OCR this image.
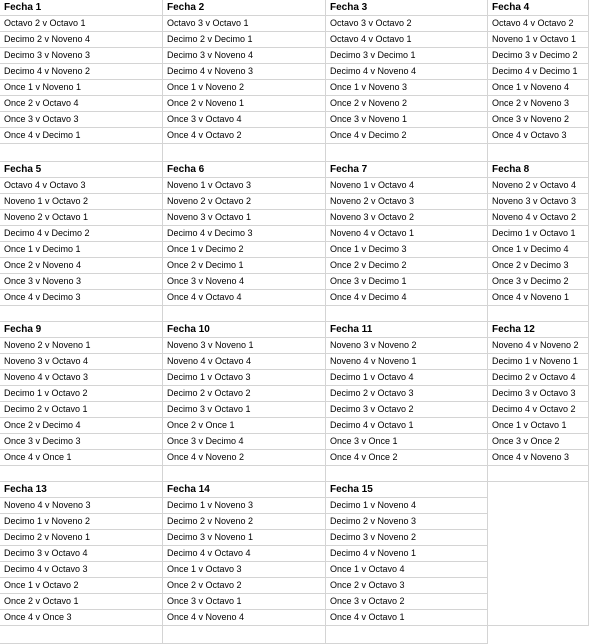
Fecha 1
Octavo 2 v Octavo 1
Decimo 2 v Noveno 4
Decimo 3 v Noveno 3
Decimo 4 v Noveno 2
Once 1 v Noveno 1
Once 2 v Octavo 4
Once 3 v Octavo 3
Once 4 v Decimo 1
Fecha 2
Octavo 3 v Octavo 1
Decimo 2 v Decimo 1
Decimo 3 v Noveno 4
Decimo 4 v Noveno 3
Once 1 v Noveno 2
Once 2 v Noveno 1
Once 3 v Octavo 4
Once 4 v Octavo 2
Fecha 3
Octavo 3 v Octavo 2
Octavo 4 v Octavo 1
Decimo 3 v Decimo 1
Decimo 4 v Noveno 4
Once 1 v Noveno 3
Once 2 v Noveno 2
Once 3 v Noveno 1
Once 4 v Decimo 2
Fecha 4
Octavo 4 v Octavo 2
Noveno 1 v Octavo 1
Decimo 3 v Decimo 2
Decimo 4 v Decimo 1
Once 1 v Noveno 4
Once 2 v Noveno 3
Once 3 v Noveno 2
Once 4 v Octavo 3
Fecha 5
Octavo 4 v Octavo 3
Noveno 1 v Octavo 2
Noveno 2 v Octavo 1
Decimo 4 v Decimo 2
Once 1 v Decimo 1
Once 2 v Noveno 4
Once 3 v Noveno 3
Once 4 v Decimo 3
Fecha 6
Noveno 1 v Octavo 3
Noveno 2 v Octavo 2
Noveno 3 v Octavo 1
Decimo 4 v Decimo 3
Once 1 v Decimo 2
Once 2 v Decimo 1
Once 3 v Noveno 4
Once 4 v Octavo 4
Fecha 7
Noveno 1 v Octavo 4
Noveno 2 v Octavo 3
Noveno 3 v Octavo 2
Noveno 4 v Octavo 1
Once 1 v Decimo 3
Once 2 v Decimo 2
Once 3 v Decimo 1
Once 4 v Decimo 4
Fecha 8
Noveno 2 v Octavo 4
Noveno 3 v Octavo 3
Noveno 4 v Octavo 2
Decimo 1 v Octavo 1
Once 1 v Decimo 4
Once 2 v Decimo 3
Once 3 v Decimo 2
Once 4 v Noveno 1
Fecha 9
Noveno 2 v Noveno 1
Noveno 3 v Octavo 4
Noveno 4 v Octavo 3
Decimo 1 v Octavo 2
Decimo 2 v Octavo 1
Once 2 v Decimo 4
Once 3 v Decimo 3
Once 4 v Once 1
Fecha 10
Noveno 3 v Noveno 1
Noveno 4 v Octavo 4
Decimo 1 v Octavo 3
Decimo 2 v Octavo 2
Decimo 3 v Octavo 1
Once 2 v Once 1
Once 3 v Decimo 4
Once 4 v Noveno 2
Fecha 11
Noveno 3 v Noveno 2
Noveno 4 v Noveno 1
Decimo 1 v Octavo 4
Decimo 2 v Octavo 3
Decimo 3 v Octavo 2
Decimo 4 v Octavo 1
Once 3 v Once 1
Once 4 v Once 2
Fecha 12
Noveno 4 v Noveno 2
Decimo 1 v Noveno 1
Decimo 2 v Octavo 4
Decimo 3 v Octavo 3
Decimo 4 v Octavo 2
Once 1 v Octavo 1
Once 3 v Once 2
Once 4 v Noveno 3
Fecha 13
Noveno 4 v Noveno 3
Decimo 1 v Noveno 2
Decimo 2 v Noveno 1
Decimo 3 v Octavo 4
Decimo 4 v Octavo 3
Once 1 v Octavo 2
Once 2 v Octavo 1
Once 4 v Once 3
Fecha 14
Decimo 1 v Noveno 3
Decimo 2 v Noveno 2
Decimo 3 v Noveno 1
Decimo 4 v Octavo 4
Once 1 v Octavo 3
Once 2 v Octavo 2
Once 3 v Octavo 1
Once 4 v Noveno 4
Fecha 15
Decimo 1 v Noveno 4
Decimo 2 v Noveno 3
Decimo 3 v Noveno 2
Decimo 4 v Noveno 1
Once 1 v Octavo 4
Once 2 v Octavo 3
Once 3 v Octavo 2
Once 4 v Octavo 1
